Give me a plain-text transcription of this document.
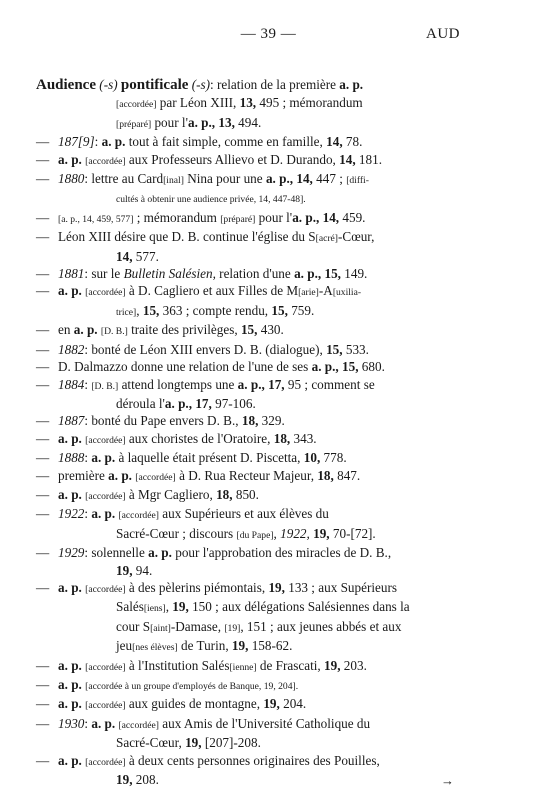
— 39 —	AUD

Audience (-s) pontificale (-s): relation de la première a. p.

[accordée] par Léon XIII, 13, 495 ; mémorandum

[préparé] pour l'a. p., 13, 494.

— 187[9]: a. p. tout à fait simple, comme en famille, 14, 78.

— a. p. [accordée] aux Professeurs Allievo et D. Durando, 14, 181.

— 1880: lettre au Card[inal] Nina pour une a. p., 14, 447 ; [diffi-

cultés à obtenir une audience privée, 14, 447-48].

— [a. p., 14, 459, 577] ; mémorandum [préparé] pour l'a. p., 14, 459.

— Léon XIII désire que D. B. continue l'église du S[acré]-Cœur,

14, 577.

— 1881: sur le Bulletin Salésien, relation d'une a. p., 15, 149.

— a. p. [accordée] à D. Cagliero et aux Filles de M[arie]-A[uxilia-

trice], 15, 363 ; compte rendu, 15, 759.

— en a. p. [D. B.] traite des privilèges, 15, 430.

— 1882: bonté de Léon XIII envers D. B. (dialogue), 15, 533.

— D. Dalmazzo donne une relation de l'une de ses a. p., 15, 680.

— 1884: [D. B.] attend longtemps une a. p., 17, 95 ; comment se

déroula l'a. p., 17, 97-106.

— 1887: bonté du Pape envers D. B., 18, 329.

— a. p. [accordée] aux choristes de l'Oratoire, 18, 343.

— 1888: a. p. à laquelle était présent D. Piscetta, 10, 778.

— première a. p. [accordée] à D. Rua Recteur Majeur, 18, 847.

— a. p. [accordée] à Mgr Cagliero, 18, 850.

— 1922: a. p. [accordée] aux Supérieurs et aux élèves du

Sacré-Cœur ; discours [du Pape], 1922, 19, 70-[72].

— 1929: solennelle a. p. pour l'approbation des miracles de D. B.,

19, 94.

— a. p. [accordée] à des pèlerins piémontais, 19, 133 ; aux Supérieurs

Salés[iens], 19, 150 ; aux délégations Salésiennes dans la

cour S[aint]-Damase, [19], 151 ; aux jeunes abbés et aux

jeu[nes élèves] de Turin, 19, 158-62.

— a. p. [accordée] à l'Institution Salés[ienne] de Frascati, 19, 203.

— a. p. [accordée à un groupe d'employés de Banque, 19, 204].

— a. p. [accordée] aux guides de montagne, 19, 204.

— 1930: a. p. [accordée] aux Amis de l'Université Catholique du

Sacré-Cœur, 19, [207]-208.

— a. p. [accordée] à deux cents personnes originaires des Pouilles,

19, 208.	→
